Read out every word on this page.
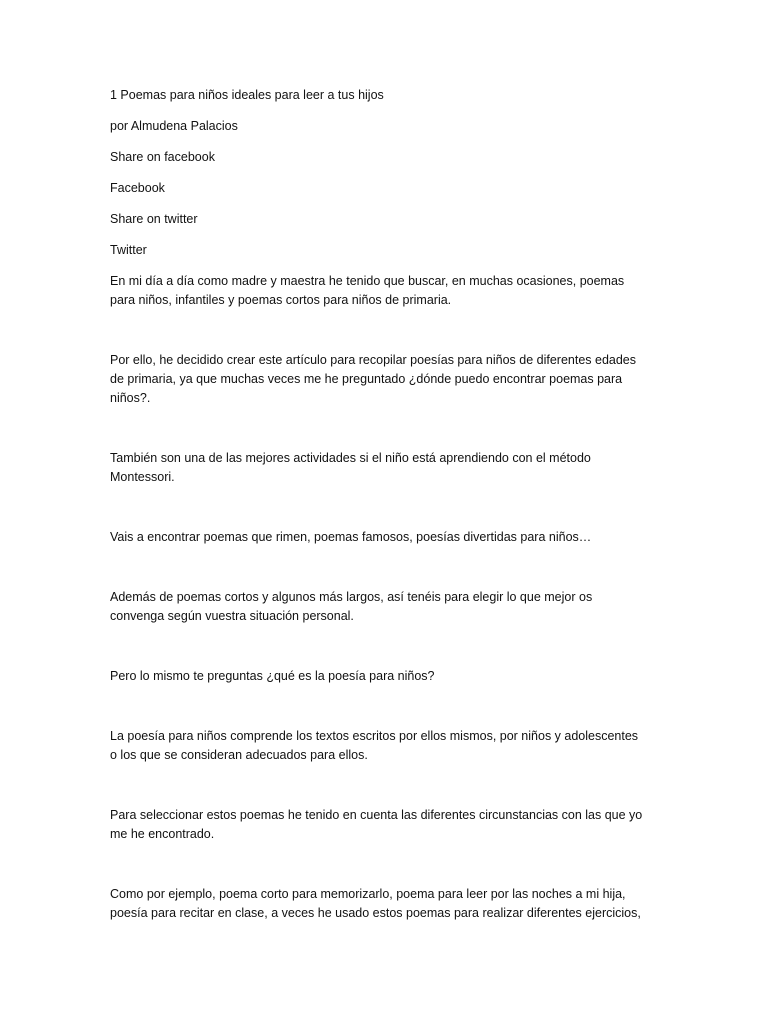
1 Poemas para niños ideales para leer a tus hijos

por Almudena Palacios

Share on facebook

Facebook

Share on twitter

Twitter

En mi día a día como madre y maestra he tenido que buscar, en muchas ocasiones, poemas
para niños, infantiles y poemas cortos para niños de primaria.
Por ello, he decidido crear este artículo para recopilar poesías para niños de diferentes edades
de primaria, ya que muchas veces me he preguntado ¿dónde puedo encontrar poemas para
niños?.
También son una de las mejores actividades si el niño está aprendiendo con el método
Montessori.
Vais a encontrar poemas que rimen, poemas famosos, poesías divertidas para niños…
Además de poemas cortos y algunos más largos, así tenéis para elegir lo que mejor os
convenga según vuestra situación personal.
Pero lo mismo te preguntas ¿qué es la poesía para niños?
La poesía para niños comprende los textos escritos por ellos mismos, por niños y adolescentes
o los que se consideran adecuados para ellos.
Para seleccionar estos poemas he tenido en cuenta las diferentes circunstancias con las que yo
me he encontrado.
Como por ejemplo, poema corto para memorizarlo, poema para leer por las noches a mi hija,
poesía para recitar en clase, a veces he usado estos poemas para realizar diferentes ejercicios,
